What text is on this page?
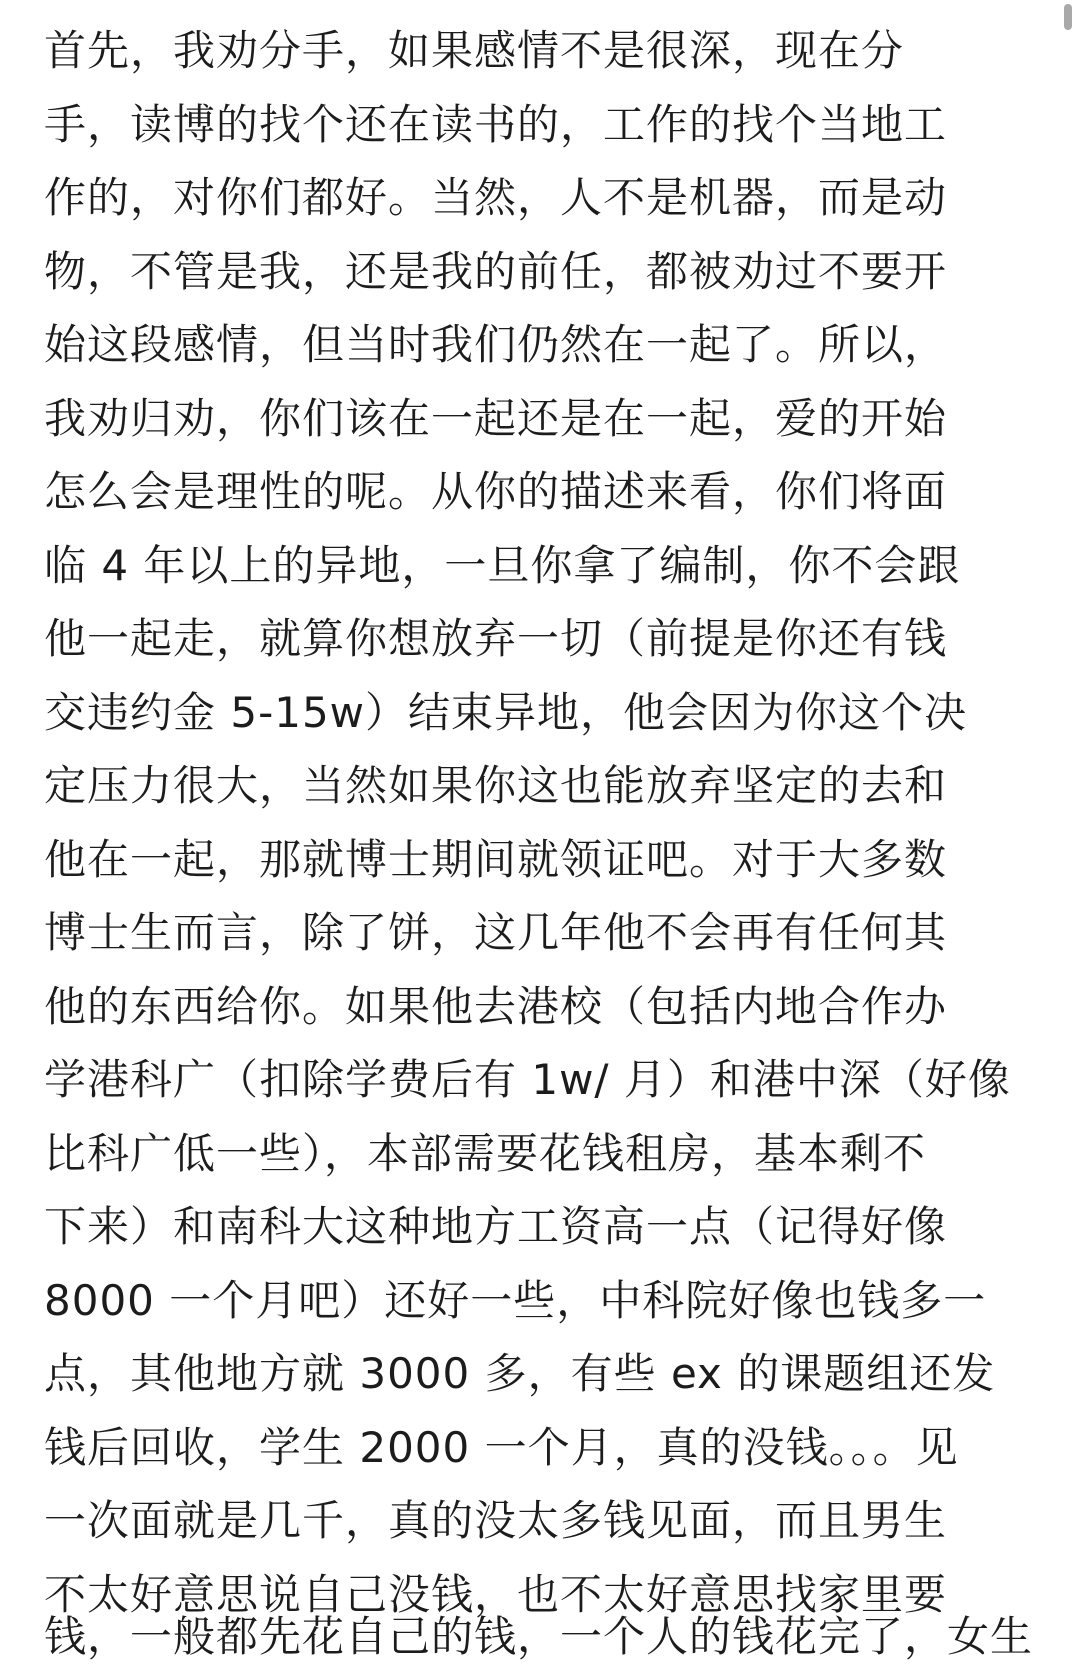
首先，我劝分手，如果感情不是很深，现在分
手，读博的找个还在读书的，工作的找个当地工
作的，对你们都好。当然，人不是机器，而是动
物，不管是我，还是我的前任，都被劝过不要开
始这段感情，但当时我们仍然在一起了。所以，
我劝归劝，你们该在一起还是在一起，爱的开始
怎么会是理性的呢。从你的描述来看，你们将面
临 4 年以上的异地，一旦你拿了编制，你不会跟
他一起走，就算你想放弃一切（前提是你还有钱
交违约金 5-15w）结束异地，他会因为你这个决
定压力很大，当然如果你这也能放弃坚定的去和
他在一起，那就博士期间就领证吧。对于大多数
博士生而言，除了饼，这几年他不会再有任何其
他的东西给你。如果他去港校（包括内地合作办
学港科广（扣除学费后有 1w/ 月）和港中深（好像
比科广低一些），本部需要花钱租房，基本剩不
下来）和南科大这种地方工资高一点（记得好像
8000 一个月吧）还好一些，中科院好像也钱多一
点，其他地方就 3000 多，有些 ex 的课题组还发
钱后回收，学生 2000 一个月，真的没钱。。。见
一次面就是几千，真的没太多钱见面，而且男生
不太好意思说自己没钱，也不太好意思找家里要
钱，一般都先花自己的钱，一个人的钱花完了，女生
